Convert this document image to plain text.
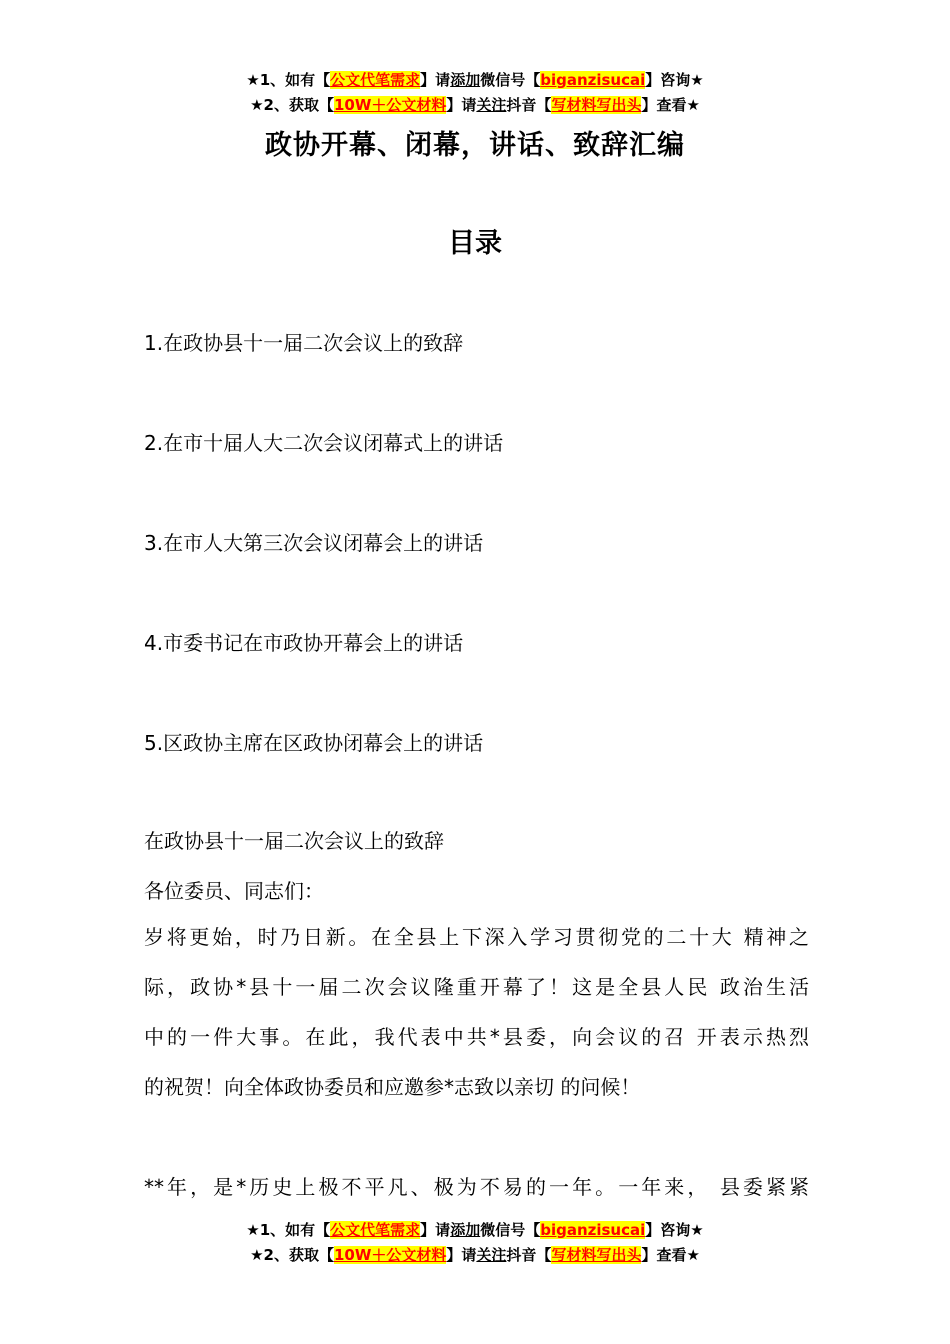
★1、如有【公文代笔需求】请添加微信号【biganzisucai】咨询★
★2、获取【10W＋公文材料】请关注抖音【写材料写出头】查看★
政协开幕、闭幕，讲话、致辞汇编
目录
1.在政协县十一届二次会议上的致辞
2.在市十届人大二次会议闭幕式上的讲话
3.在市人大第三次会议闭幕会上的讲话
4.市委书记在市政协开幕会上的讲话
5.区政协主席在区政协闭幕会上的讲话
在政协县十一届二次会议上的致辞
各位委员、同志们：

岁将更始，时乃日新。在全县上下深入学习贯彻党的二十大 精神之

际，政协*县十一届二次会议隆重开幕了！这是全县人民 政治生活

中的一件大事。在此，我代表中共*县委，向会议的召 开表示热烈

的祝贺！向全体政协委员和应邀参*志致以亲切 的问候！

**年，是*历史上极不平凡、极为不易的一年。一年来， 县委紧紧

★1、如有【公文代笔需求】请添加微信号【biganzisucai】咨询★
★2、获取【10W＋公文材料】请关注抖音【写材料写出头】查看★
